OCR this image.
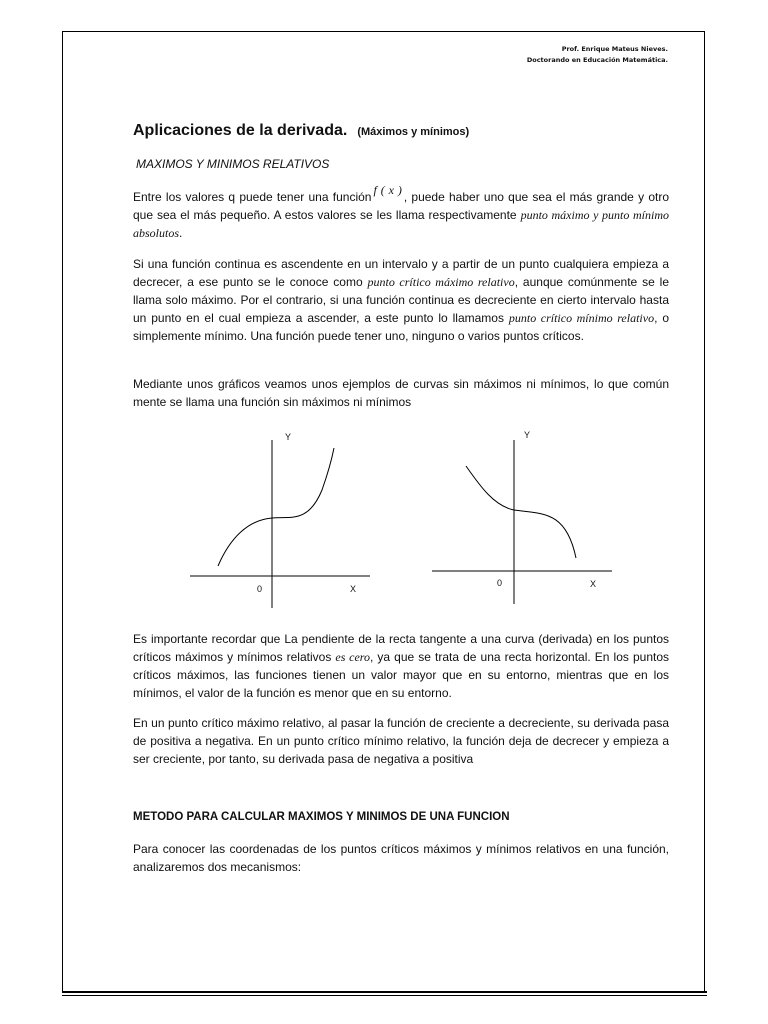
Prof. Enrique Mateus Nieves.
Doctorando en Educación Matemática.
Aplicaciones de la derivada. (Máximos y mínimos)
MAXIMOS Y MINIMOS RELATIVOS
Entre los valores q puede tener una función f ( x ) , puede haber uno que sea el más grande y otro que sea el más pequeño. A estos valores se les llama respectivamente punto máximo y punto mínimo absolutos.
Si una función continua es ascendente en un intervalo y a partir de un punto cualquiera empieza a decrecer, a ese punto se le conoce como punto crítico máximo relativo, aunque comúnmente se le llama solo máximo. Por el contrario, si una función continua es decreciente en cierto intervalo hasta un punto en el cual empieza a ascender, a este punto lo llamamos punto crítico mínimo relativo, o simplemente mínimo. Una función puede tener uno, ninguno o varios puntos críticos.
Mediante unos gráficos veamos unos ejemplos de curvas sin máximos ni mínimos, lo que común mente se llama una función sin máximos ni mínimos
Y
0	X
Y
0	X
Es importante recordar que La pendiente de la recta tangente a una curva (derivada) en los puntos críticos máximos y mínimos relativos es cero, ya que se trata de una recta horizontal. En los puntos críticos máximos, las funciones tienen un valor mayor que en su entorno, mientras que en los mínimos, el valor de la función es menor que en su entorno.
En un punto crítico máximo relativo, al pasar la función de creciente a decreciente, su derivada pasa de positiva a negativa. En un punto crítico mínimo relativo, la función deja de decrecer y empieza a ser creciente, por tanto, su derivada pasa de negativa a positiva
METODO PARA CALCULAR MAXIMOS Y MINIMOS DE UNA FUNCION
Para conocer las coordenadas de los puntos críticos máximos y mínimos relativos en una función, analizaremos dos mecanismos:
